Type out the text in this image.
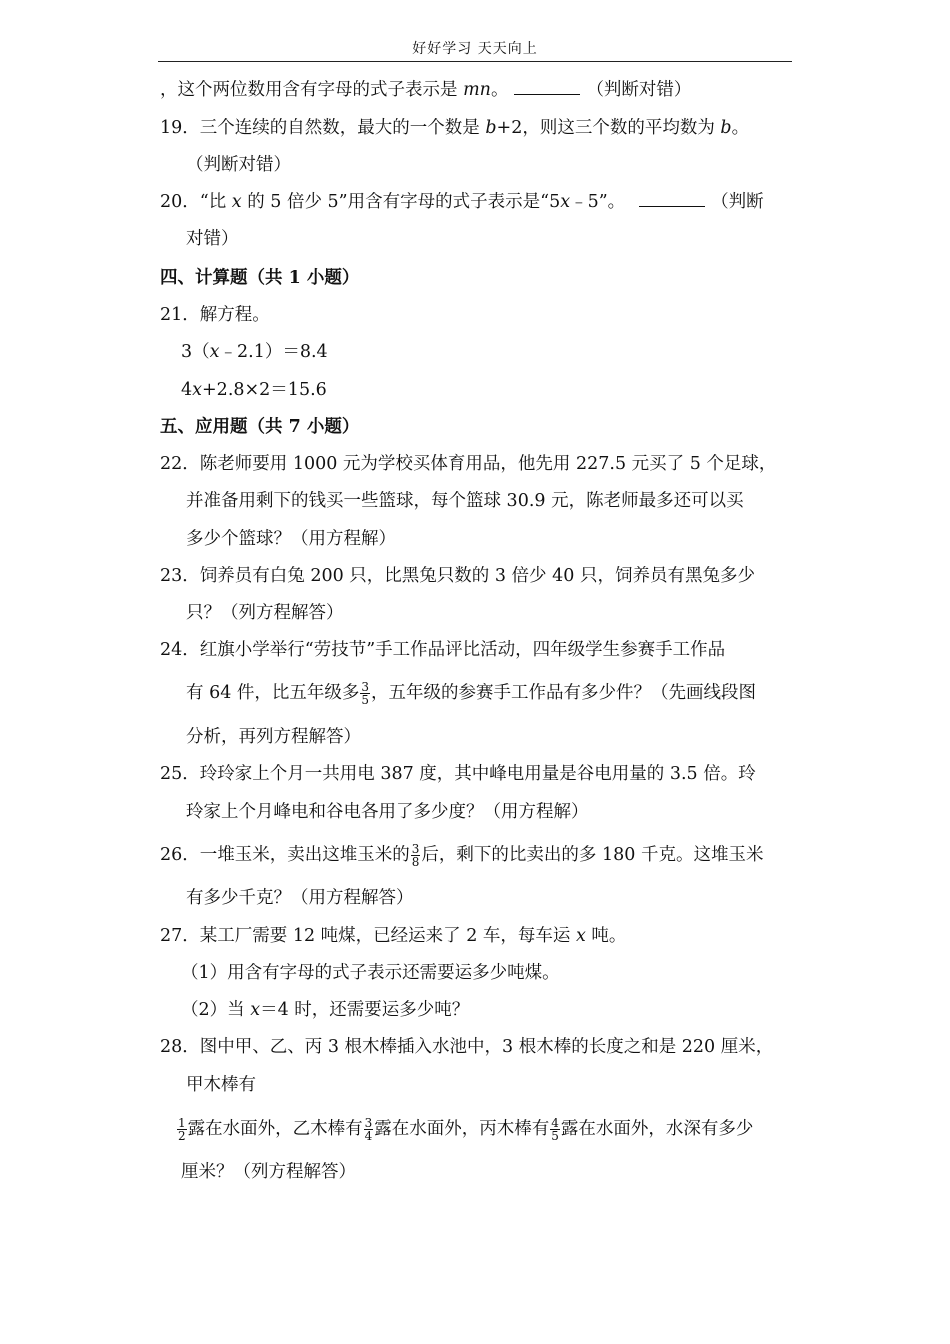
好好学习 天天向上
，这个两位数用含有字母的式子表示是 mn。	（判断对错）
19．三个连续的自然数，最大的一个数是 b+2，则这三个数的平均数为 b。
（判断对错）
20．“比 x 的 5 倍少 5”用含有字母的式子表示是“5x﹣5”。	（判断
对错）
四、计算题（共 1 小题）
21．解方程。
3（x﹣2.1）＝8.4
4x+2.8×2＝15.6
五、应用题（共 7 小题）
22．陈老师要用 1000 元为学校买体育用品，他先用 227.5 元买了 5 个足球，
并准备用剩下的钱买一些篮球，每个篮球 30.9 元，陈老师最多还可以买
多少个篮球？（用方程解）
23．饲养员有白兔 200 只，比黑兔只数的 3 倍少 40 只，饲养员有黑兔多少
只？（列方程解答）
24．红旗小学举行“劳技节”手工作品评比活动，四年级学生参赛手工作品
有 64 件，比五年级多 $\frac{3}{5}$ ，五年级的参赛手工作品有多少件？（先画线段图
分析，再列方程解答）
25．玲玲家上个月一共用电 387 度，其中峰电用量是谷电用量的 3.5 倍。玲
玲家上个月峰电和谷电各用了多少度？（用方程解）
26．一堆玉米，卖出这堆玉米的 $\frac{3}{8}$ 后，剩下的比卖出的多 180 千克。这堆玉米
有多少千克？（用方程解答）
27．某工厂需要 12 吨煤，已经运来了 2 车，每车运 x 吨。
（1）用含有字母的式子表示还需要运多少吨煤。
（2）当 x＝4 时，还需要运多少吨？
28．图中甲、乙、丙 3 根木棒插入水池中，3 根木棒的长度之和是 220 厘米，
甲木棒有
$\frac{1}{2}$ 露在水面外，乙木棒有 $\frac{3}{4}$ 露在水面外，丙木棒有 $\frac{4}{5}$ 露在水面外，水深有多少
厘米？（列方程解答）
